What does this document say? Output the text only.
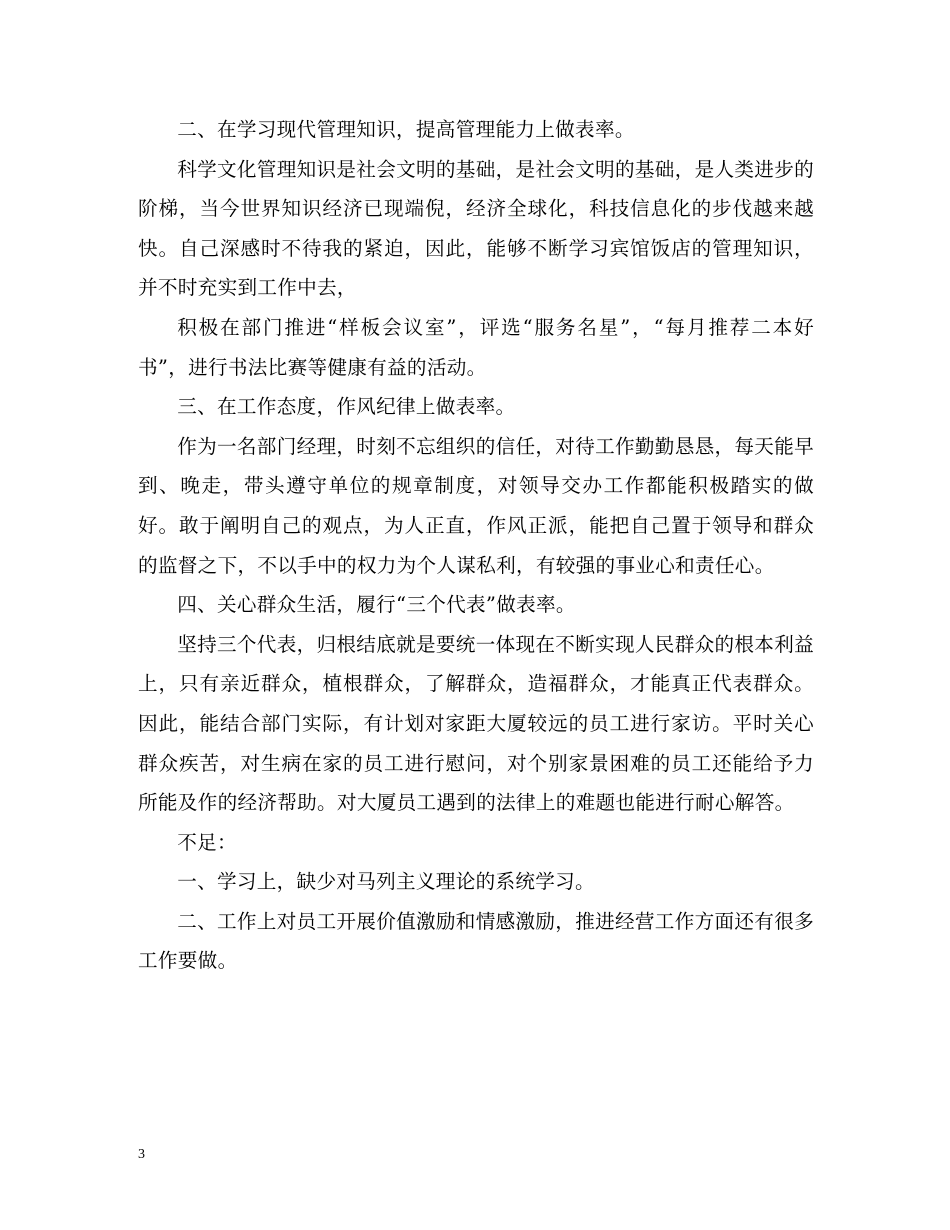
二、在学习现代管理知识，提高管理能力上做表率。

科学文化管理知识是社会文明的基础，是社会文明的基础，是人类进步的阶梯，当今世界知识经济已现端倪，经济全球化，科技信息化的步伐越来越快。自己深感时不待我的紧迫，因此，能够不断学习宾馆饭店的管理知识，并不时充实到工作中去，

积极在部门推进“样板会议室”，评选“服务名星”，“每月推荐二本好书”，进行书法比赛等健康有益的活动。

三、在工作态度，作风纪律上做表率。

作为一名部门经理，时刻不忘组织的信任，对待工作勤勤恳恳，每天能早到、晚走，带头遵守单位的规章制度，对领导交办工作都能积极踏实的做好。敢于阐明自己的观点，为人正直，作风正派，能把自己置于领导和群众的监督之下，不以手中的权力为个人谋私利，有较强的事业心和责任心。

四、关心群众生活，履行“三个代表”做表率。

坚持三个代表，归根结底就是要统一体现在不断实现人民群众的根本利益上，只有亲近群众，植根群众，了解群众，造福群众，才能真正代表群众。因此，能结合部门实际，有计划对家距大厦较远的员工进行家访。平时关心群众疾苦，对生病在家的员工进行慰问，对个别家景困难的员工还能给予力所能及作的经济帮助。对大厦员工遇到的法律上的难题也能进行耐心解答。

不足：

一、学习上，缺少对马列主义理论的系统学习。

二、工作上对员工开展价值激励和情感激励，推进经营工作方面还有很多工作要做。

3
